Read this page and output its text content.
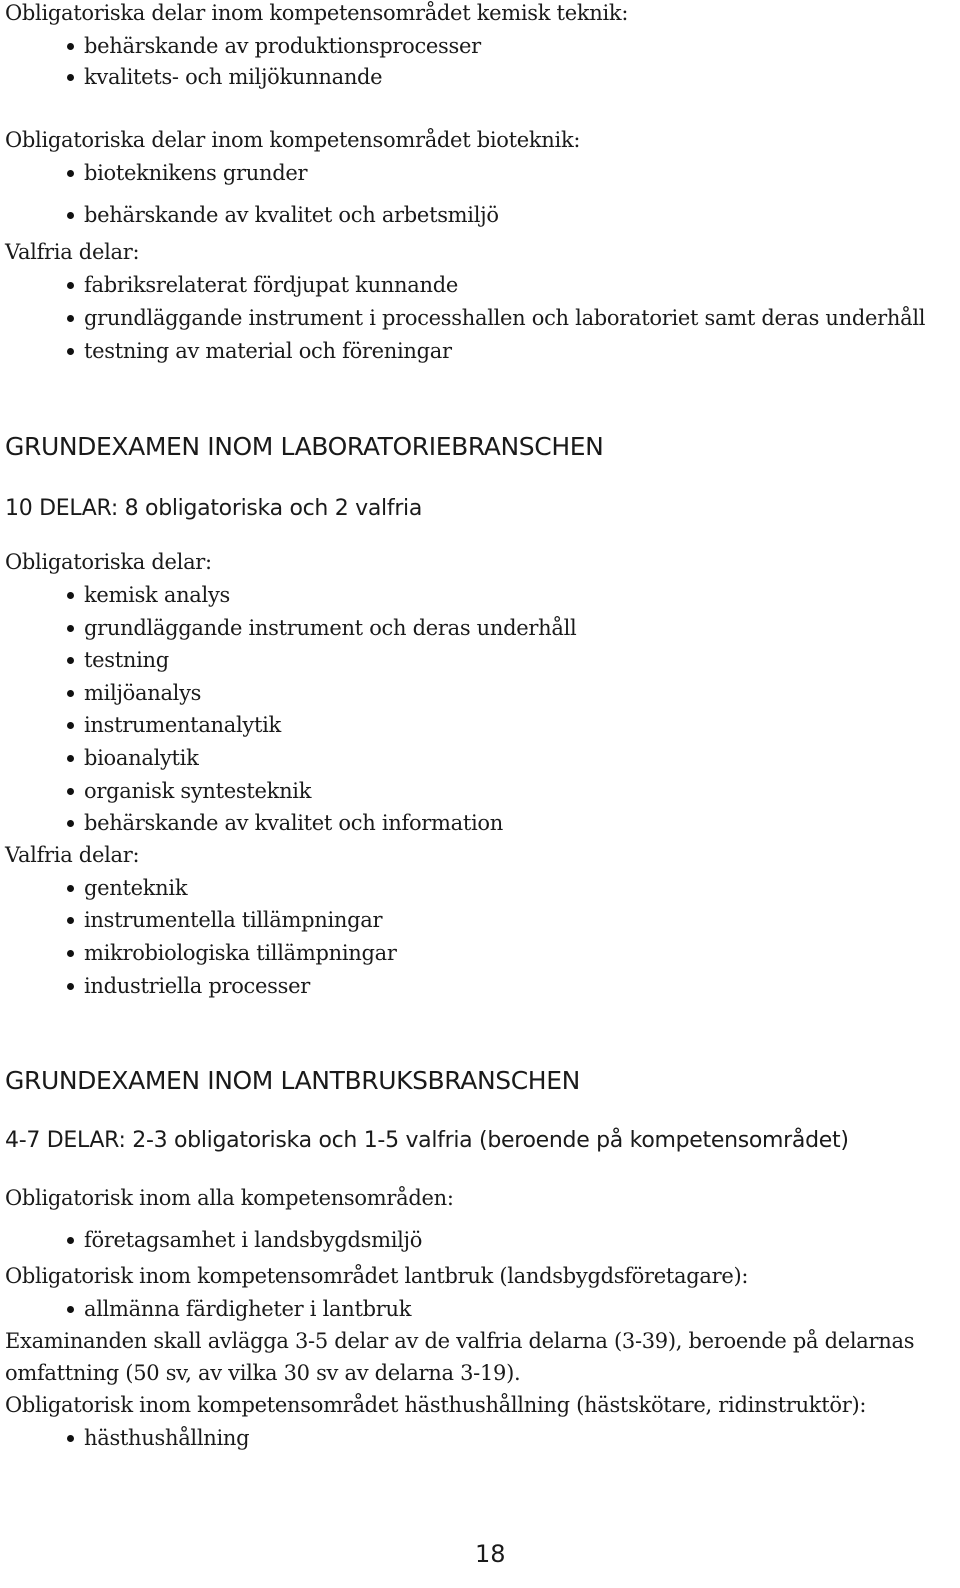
Obligatoriska delar inom kompetensområdet kemisk teknik:
behärskande av produktionsprocesser
kvalitets- och miljökunnande
Obligatoriska delar inom kompetensområdet bioteknik:
bioteknikens grunder
behärskande av kvalitet och arbetsmiljö
Valfria delar:
fabriksrelaterat fördjupat kunnande
grundläggande instrument i processhallen och laboratoriet samt deras underhåll
testning av material och föreningar
GRUNDEXAMEN INOM LABORATORIEBRANSCHEN
10 DELAR: 8 obligatoriska och 2 valfria
Obligatoriska delar:
kemisk analys
grundläggande instrument och deras underhåll
testning
miljöanalys
instrumentanalytik
bioanalytik
organisk syntesteknik
behärskande av kvalitet och information
Valfria delar:
genteknik
instrumentella tillämpningar
mikrobiologiska tillämpningar
industriella processer
GRUNDEXAMEN INOM LANTBRUKSBRANSCHEN
4-7 DELAR: 2-3 obligatoriska och 1-5 valfria (beroende på kompetensområdet)
Obligatorisk inom alla kompetensområden:
företagsamhet i landsbygdsmiljö
Obligatorisk inom kompetensområdet lantbruk (landsbygdsföretagare):
allmänna färdigheter i lantbruk
Examinanden skall avlägga 3-5 delar av de valfria delarna (3-39), beroende på delarnas
omfattning (50 sv, av vilka 30 sv av delarna 3-19).
Obligatorisk inom kompetensområdet hästhushållning (hästskötare, ridinstruktör):
hästhushållning
18
